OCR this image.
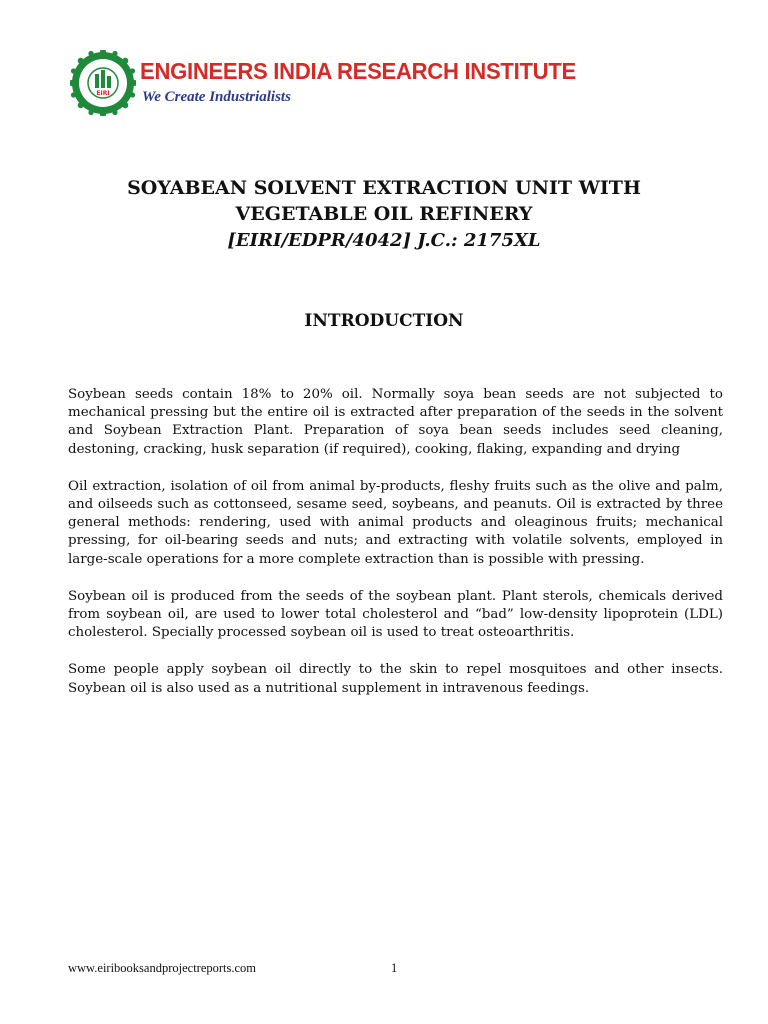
EIRI
ENGINEERS INDIA RESEARCH INSTITUTE
We Create Industrialists
SOYABEAN SOLVENT EXTRACTION UNIT WITH
VEGETABLE OIL REFINERY
[EIRI/EDPR/4042] J.C.: 2175XL
INTRODUCTION

Soybean seeds contain 18% to 20% oil. Normally soya bean seeds are not subjected to mechanical pressing but the entire oil is extracted after preparation of the seeds in the solvent and Soybean Extraction Plant. Preparation of soya bean seeds includes seed cleaning, destoning, cracking, husk separation (if required), cooking, flaking, expanding and drying

Oil extraction, isolation of oil from animal by-products, fleshy fruits such as the olive and palm, and oilseeds such as cottonseed, sesame seed, soybeans, and peanuts. Oil is extracted by three general methods: rendering, used with animal products and oleaginous fruits; mechanical pressing, for oil-bearing seeds and nuts; and extracting with volatile solvents, employed in large-scale operations for a more complete extraction than is possible with pressing.

Soybean oil is produced from the seeds of the soybean plant. Plant sterols, chemicals derived from soybean oil, are used to lower total cholesterol and “bad” low-density lipoprotein (LDL) cholesterol. Specially processed soybean oil is used to treat osteoarthritis.

Some people apply soybean oil directly to the skin to repel mosquitoes and other insects. Soybean oil is also used as a nutritional supplement in intravenous feedings.

www.eiribooksandprojectreports.com	1
